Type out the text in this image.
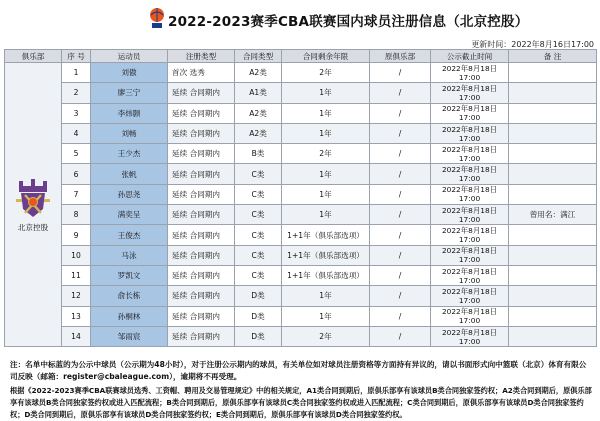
2022-2023赛季CBA联赛国内球员注册信息（北京控股）
更新时间：2022年8月16日17:00
俱乐部	序 号	运动员	注册类型	合同类型	合同剩余年限	原俱乐部	公示截止时间	备 注

北京控股	1	刘傲	首次 选秀	A2类	2年	/	2022年8月18日
17:00	
	2	廖三宁	延续 合同期内	A1类	1年	/	2022年8月18日
17:00	
	3	李炜颢	延续 合同期内	A2类	1年	/	2022年8月18日
17:00	
	4	刘畅	延续 合同期内	A2类	1年	/	2022年8月18日
17:00	
	5	王少杰	延续 合同期内	B类	2年	/	2022年8月18日
17:00	
	6	张帆	延续 合同期内	C类	1年	/	2022年8月18日
17:00	
	7	孙思尧	延续 合同期内	C类	1年	/	2022年8月18日
17:00	
	8	满奕呈	延续 合同期内	C类	1年	/	2022年8月18日
17:00	曾用名：满江
	9	王俊杰	延续 合同期内	C类	1+1年（俱乐部选项）	/	2022年8月18日
17:00	
	10	马泳	延续 合同期内	C类	1+1年（俱乐部选项）	/	2022年8月18日
17:00	
	11	罗凯文	延续 合同期内	C类	1+1年（俱乐部选项）	/	2022年8月18日
17:00	
	12	俞长栋	延续 合同期内	D类	1年	/	2022年8月18日
17:00	
	13	孙桐林	延续 合同期内	D类	1年	/	2022年8月18日
17:00	
	14	邹雨宸	延续 合同期内	D类	2年	/	2022年8月18日
17:00	
注：名单中标蓝的为公示中球员（公示期为48小时），对于注册公示期内的球员，有关单位如对球员注册资格等方面持有异议的，请以书面形式向中篮联（北京）体育有限公司反映（邮箱：register@cbaleague.com），逾期将不再受理。
根据《2022-2023赛季CBA联赛球员选秀、工资帽、聘用及交易管理规定》中的相关规定，A1类合同到期后，原俱乐部享有该球员B类合同独家签约权；A2类合同到期后，原俱乐部享有该球员B类合同独家签约权或进入匹配流程；B类合同到期后，原俱乐部享有该球员C类合同独家签约权或进入匹配流程；C类合同到期后，原俱乐部享有该球员D类合同独家签约权；D类合同到期后，原俱乐部享有该球员D类合同独家签约权；E类合同到期后，原俱乐部享有该球员D类合同独家签约权。
